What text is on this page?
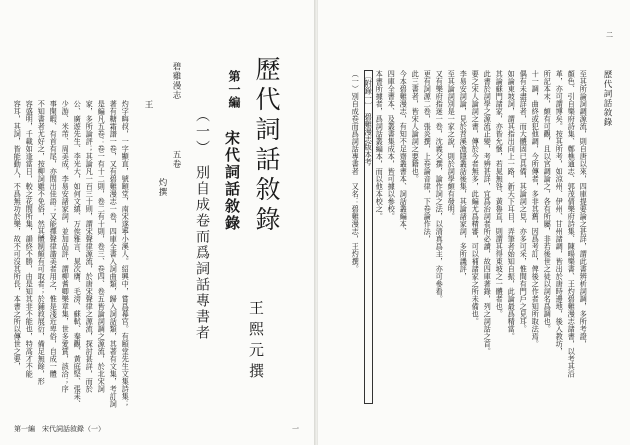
第一編　宋代詞話敘錄（一）	一
容耳，其詞，皆能動人，不爲無功於樂，故不可沒其所長，本書之所以傳世之要， 容盛明，千載如逢當日，較之花間所集，韻終不勝，由是知其非不能也，特高才不能 不知書者尤好之，按柳詞雖不免俗，然其體制頗有可取者；於鋪敘展衍，備足無餘，形 事閑暇、有首有尾，亦間出佳語；又能擇聲律諧美者用之，惟是淺近卑俗，自成一體 少游、米芾、周美成、李易安諸家詞，並加品評，謂柳耆卿樂章集，世多愛賞，該洽；序 公、廣遊先生、李光大，如何文縝、万俟雅言、晁次膺、毛滂、蘇軾、秦觀、黃庭堅、張耒、 家，多所論評；其論凡一百三十則，謂宋聲律源流，於唐宋聲律之源流，探討甚詳，而於 是編凡五卷：卷一有十二則，卷二有十則，卷三、卷四、卷五皆論詞調之源流，於北宋詞 著有糖霜譜一卷，又有碧雞漫志一卷，四庫全書入詞曲類，歸入詞話類，其著有文集，考訂詞 灼字晦叔，一字顯直，號頤堂，南宋遂寧小溪人。紹興中，嘗爲幕官。有頤堂先生文集詩集； 王
灼撰
碧雞漫志
五卷 （一）　別自成卷而爲詞話專書者
第一編
宋代詞話敘錄 歷代詞話敘錄
王熙元撰
歷代詞話敘錄
二
至其所論詞調源流，則自唐以來，四庫提要論之甚詳，謂此書辨析詞調，多所考證，
顏色、引自樂府詩集、鄭樵通志、郭茂倩樂府詩集、陳暘樂書、王灼碧雞漫志諸書，以考其沿
革，亦可謂博矣。按其所考，如涼州、伊州、甘州諸調，皆出於唐時邊地，後入教坊，
所記本末，頗有可觀，且以宮調論之，各有所屬，非若後世之徒以詞名爲調也。
十一調，曲終或犯他調，今所傳者，多非其舊，因爲考訂，俾後之作者知所取法焉。
偶有未盡詳者，而大體固已具備，其論詞之見，亦多可采，惟間有門戶之見耳。
如論東坡詞，謂其指出向上一路，新天下耳目，弄筆者始知自振，此論最爲精當。
其論蘇門諸家，亦皆允愜，若晁無咎、黃魯直，則謂其得東坡之一體者也。
此書於詞學之源流正變，考辨甚詳，宜爲治詞者所必讀，故四庫著錄，列之詞話之首。
要之宋人論詞之書，傳於今者無多，此編尤爲精審，可以補諸家之所未備也。
李易安詞論，見於苕溪漁隱叢話後集，其論諸家詞，多所譏評，
至其論詞別是一家之說，則於詞學頗有發明。
又有樂府指迷一卷，沈義父撰，論作詞之法，以清真爲主，亦可參看。
更有詞源二卷，張炎撰，上卷論音律，下卷論作法，
此三書者，皆宋人論詞之要籍也。
今本碧雞漫志，有知不足齋叢書本、詞話叢編本、
四庫全書本、及叢書集成本，皆可據以參校。
本書所據者，爲詞話叢編本，而以他本校之。
〔附錄一〕　碧雞漫志版本考
（一）別自成卷而爲詞話專書者　又名：碧雞漫志，王灼撰。
